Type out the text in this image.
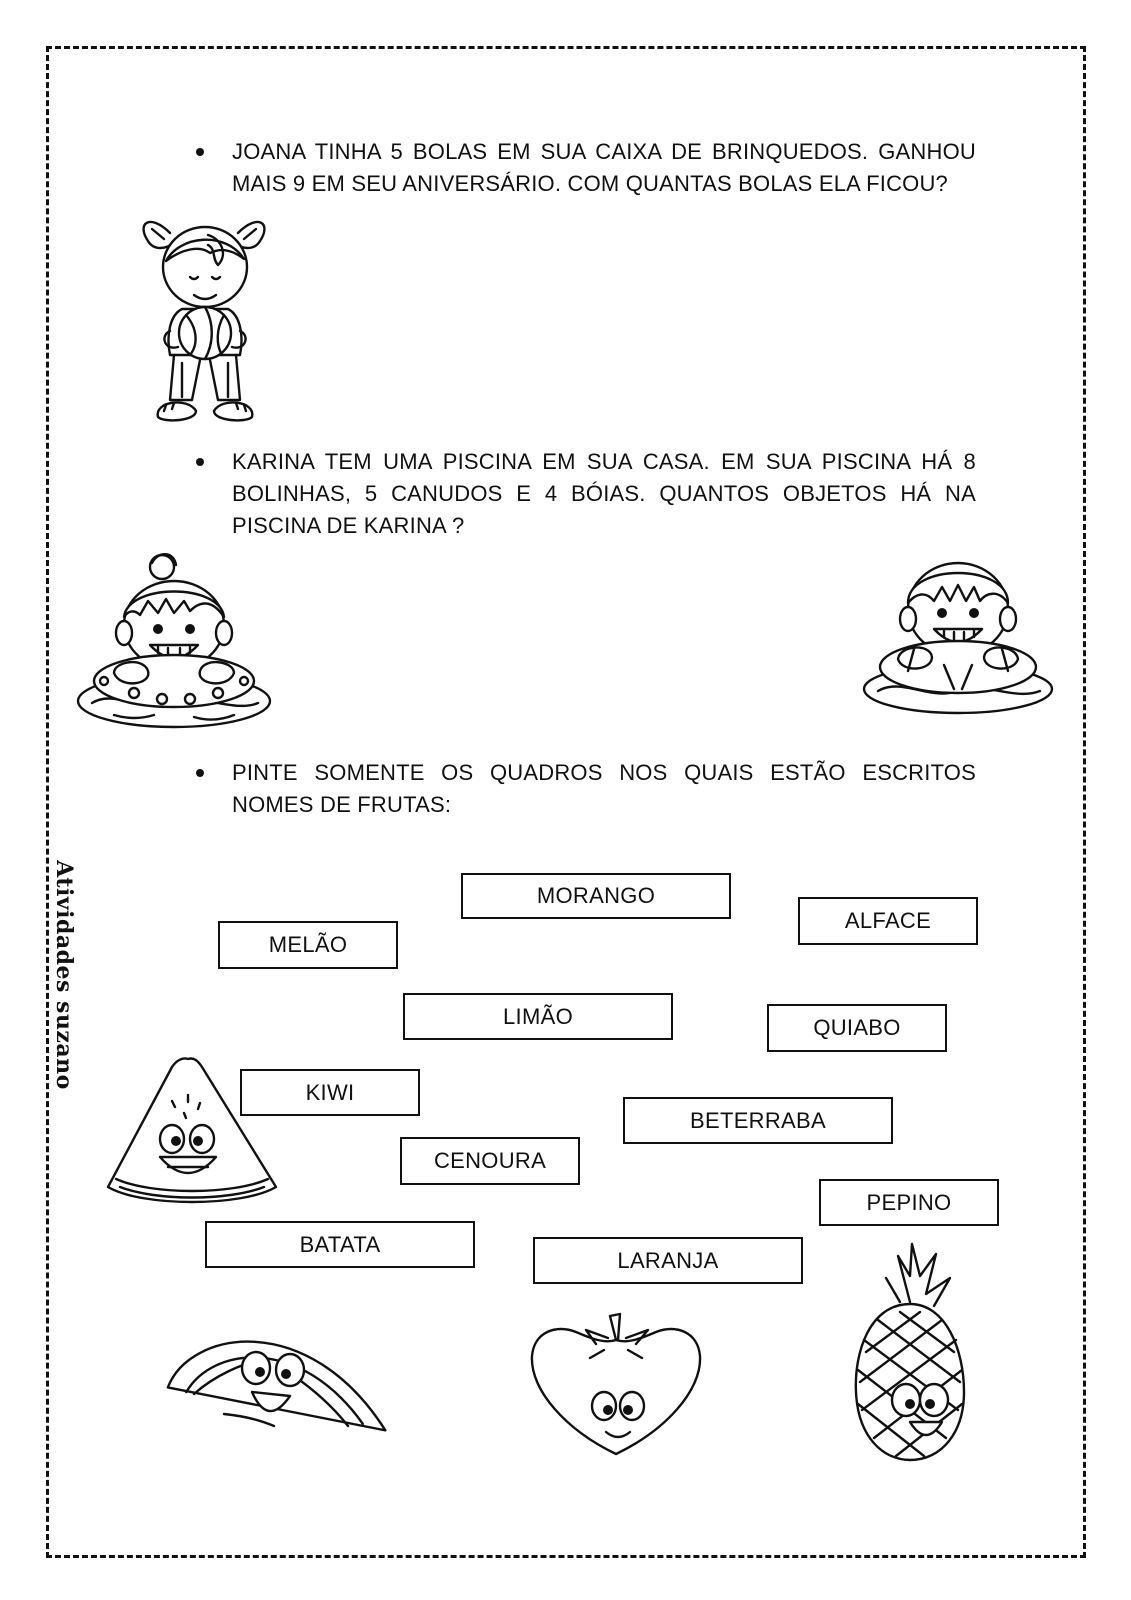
JOANA TINHA 5 BOLAS EM SUA CAIXA DE BRINQUEDOS. GANHOU MAIS 9 EM SEU ANIVERSÁRIO. COM QUANTAS BOLAS ELA FICOU?
KARINA TEM UMA PISCINA EM SUA CASA. EM SUA PISCINA HÁ 8 BOLINHAS, 5 CANUDOS E 4 BÓIAS. QUANTOS OBJETOS HÁ NA PISCINA DE KARINA ?
PINTE SOMENTE OS QUADROS NOS QUAIS ESTÃO ESCRITOS NOMES DE FRUTAS:
Atividades suzano	MORANGO
ALFACE
MELÃO
LIMÃO	QUIABO
KIWI
BETERRABA
CENOURA
PEPINO
BATATA
LARANJA
